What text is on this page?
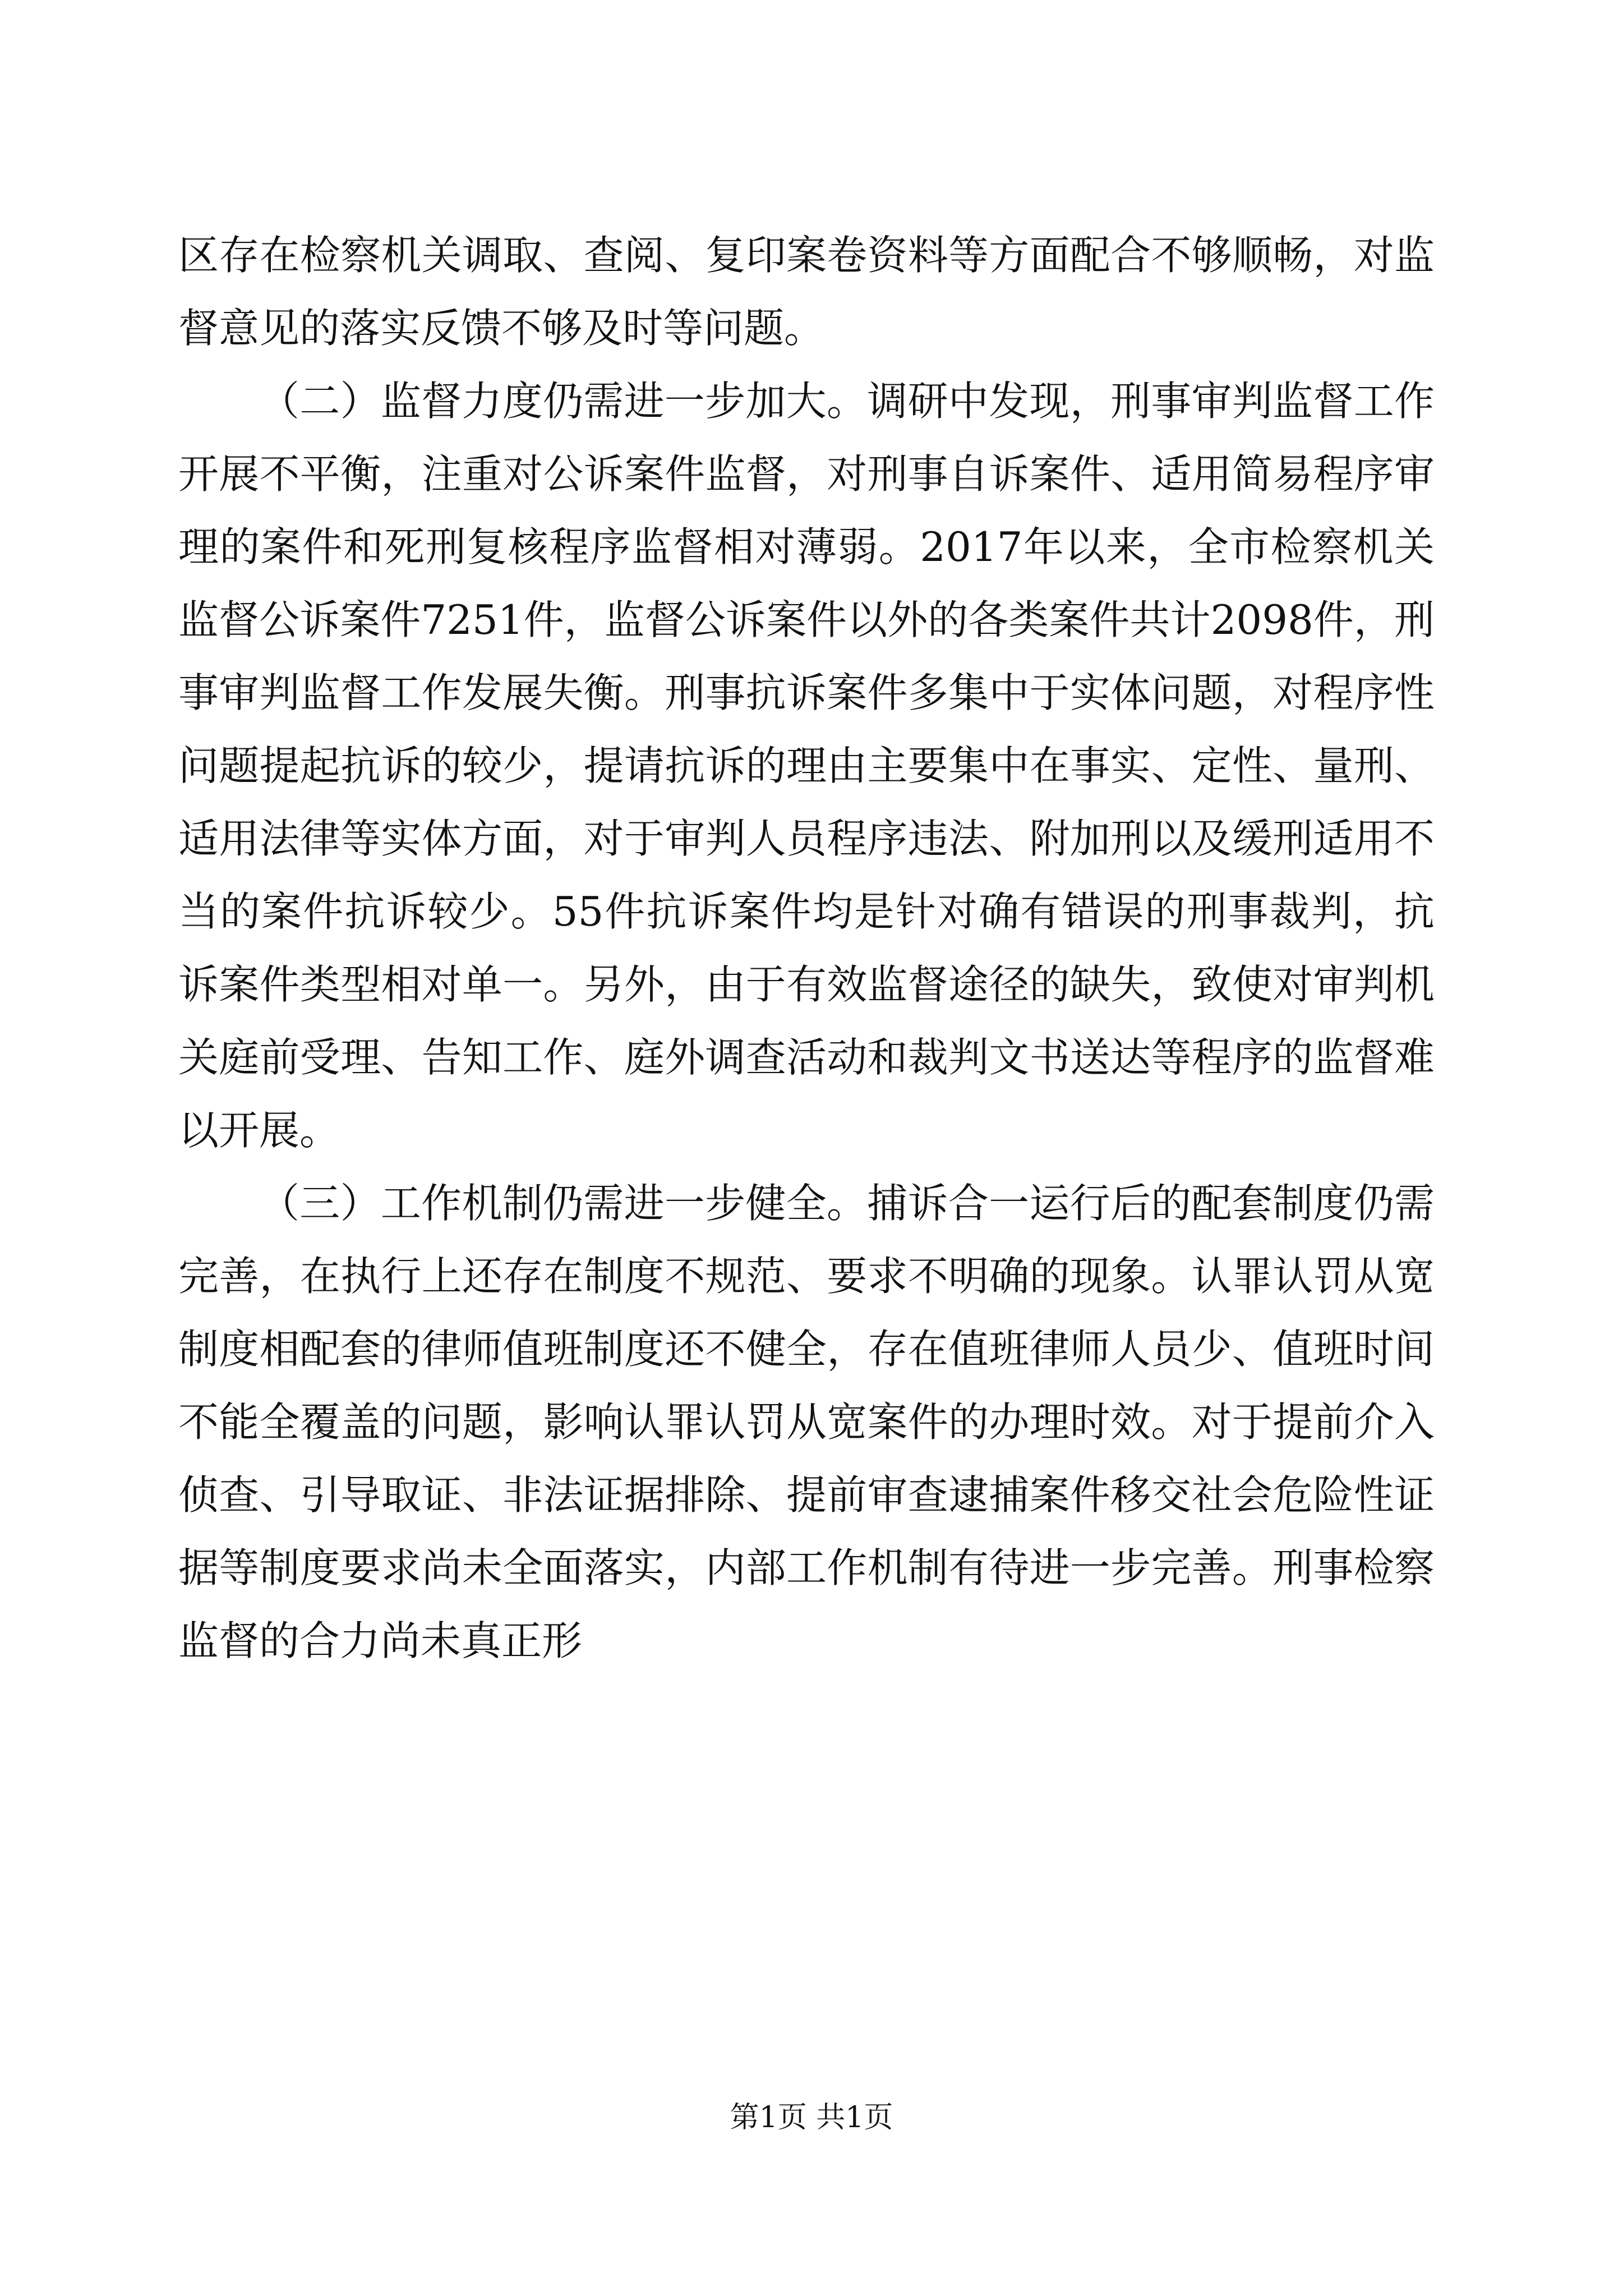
区存在检察机关调取、查阅、复印案卷资料等方面配合不够顺畅，对监督意见的落实反馈不够及时等问题。

（二）监督力度仍需进一步加大。调研中发现，刑事审判监督工作开展不平衡，注重对公诉案件监督，对刑事自诉案件、适用简易程序审理的案件和死刑复核程序监督相对薄弱。2017年以来，全市检察机关监督公诉案件7251件，监督公诉案件以外的各类案件共计2098件，刑事审判监督工作发展失衡。刑事抗诉案件多集中于实体问题，对程序性问题提起抗诉的较少，提请抗诉的理由主要集中在事实、定性、量刑、适用法律等实体方面，对于审判人员程序违法、附加刑以及缓刑适用不当的案件抗诉较少。55件抗诉案件均是针对确有错误的刑事裁判，抗诉案件类型相对单一。另外，由于有效监督途径的缺失，致使对审判机关庭前受理、告知工作、庭外调查活动和裁判文书送达等程序的监督难以开展。

（三）工作机制仍需进一步健全。捕诉合一运行后的配套制度仍需完善，在执行上还存在制度不规范、要求不明确的现象。认罪认罚从宽制度相配套的律师值班制度还不健全，存在值班律师人员少、值班时间不能全覆盖的问题，影响认罪认罚从宽案件的办理时效。对于提前介入侦查、引导取证、非法证据排除、提前审查逮捕案件移交社会危险性证据等制度要求尚未全面落实，内部工作机制有待进一步完善。刑事检察监督的合力尚未真正形

第1页 共1页
